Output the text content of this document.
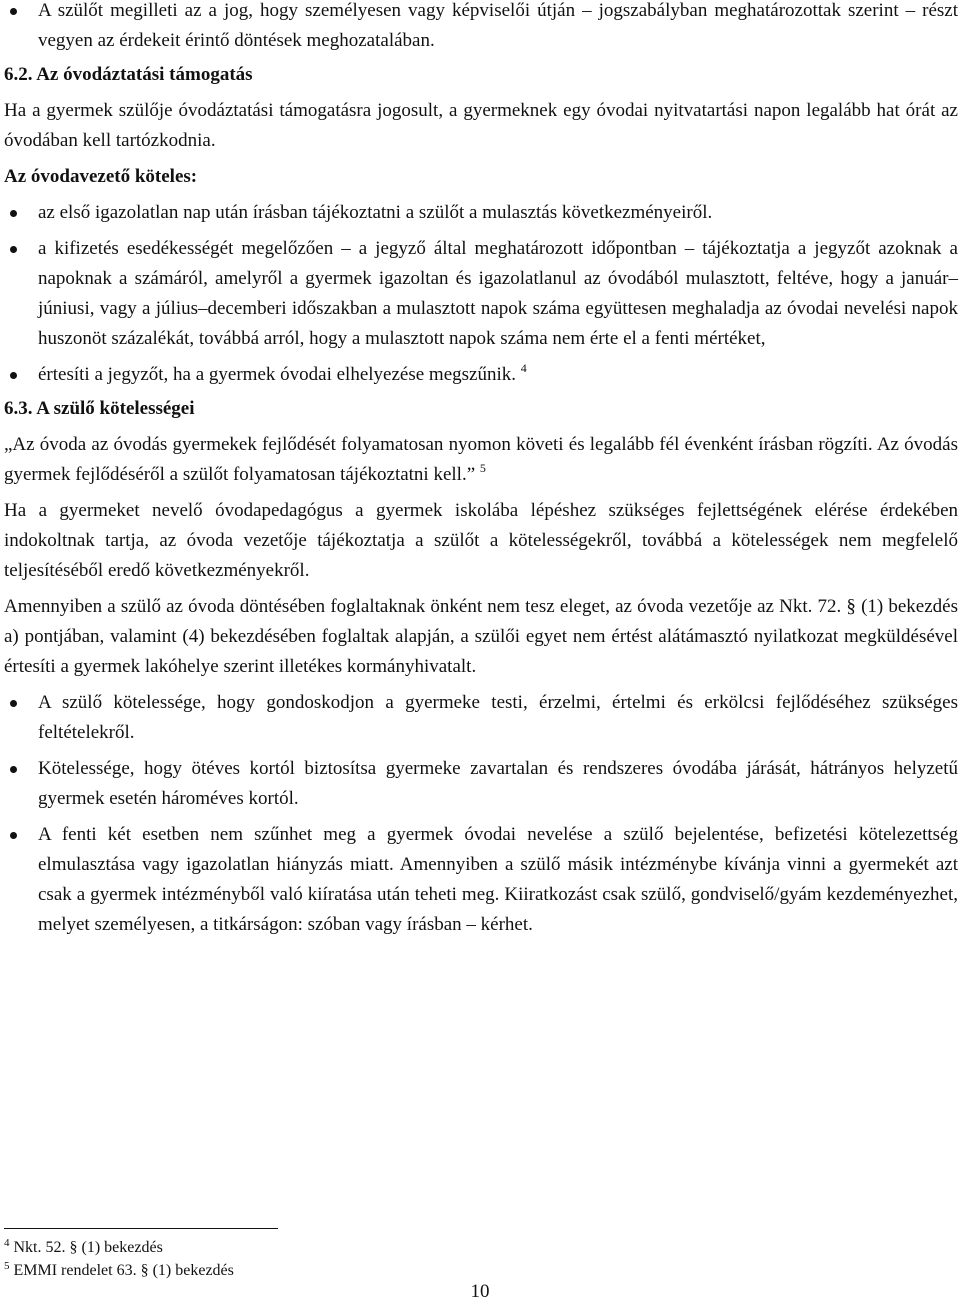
A szülőt megilleti az a jog, hogy személyesen vagy képviselői útján – jogszabályban meghatározottak szerint – részt vegyen az érdekeit érintő döntések meghozatalában.

6.2. Az óvodáztatási támogatás

Ha a gyermek szülője óvodáztatási támogatásra jogosult, a gyermeknek egy óvodai nyitvatartási napon legalább hat órát az óvodában kell tartózkodnia.

Az óvodavezető köteles:

az első igazolatlan nap után írásban tájékoztatni a szülőt a mulasztás következményeiről.
a kifizetés esedékességét megelőzően – a jegyző által meghatározott időpontban – tájékoztatja a jegyzőt azoknak a napoknak a számáról, amelyről a gyermek igazoltan és igazolatlanul az óvodából mulasztott, feltéve, hogy a január–júniusi, vagy a július–decemberi időszakban a mulasztott napok száma együttesen meghaladja az óvodai nevelési napok huszonöt százalékát, továbbá arról, hogy a mulasztott napok száma nem érte el a fenti mértéket,
értesíti a jegyzőt, ha a gyermek óvodai elhelyezése megszűnik. $^4$

6.3. A szülő kötelességei

„Az óvoda az óvodás gyermekek fejlődését folyamatosan nyomon követi és legalább fél évenként írásban rögzíti. Az óvodás gyermek fejlődéséről a szülőt folyamatosan tájékoztatni kell.” $^5$

Ha a gyermeket nevelő óvodapedagógus a gyermek iskolába lépéshez szükséges fejlettségének elérése érdekében indokoltnak tartja, az óvoda vezetője tájékoztatja a szülőt a kötelességekről, továbbá a kötelességek nem megfelelő teljesítéséből eredő következményekről.

Amennyiben a szülő az óvoda döntésében foglaltaknak önként nem tesz eleget, az óvoda vezetője az Nkt. 72. § (1) bekezdés a) pontjában, valamint (4) bekezdésében foglaltak alapján, a szülői egyet nem értést alátámasztó nyilatkozat megküldésével értesíti a gyermek lakóhelye szerint illetékes kormányhivatalt.

A szülő kötelessége, hogy gondoskodjon a gyermeke testi, érzelmi, értelmi és erkölcsi fejlődéséhez szükséges feltételekről.
Kötelessége, hogy ötéves kortól biztosítsa gyermeke zavartalan és rendszeres óvodába járását, hátrányos helyzetű gyermek esetén hároméves kortól.
A fenti két esetben nem szűnhet meg a gyermek óvodai nevelése a szülő bejelentése, befizetési kötelezettség elmulasztása vagy igazolatlan hiányzás miatt. Amennyiben a szülő másik intézménybe kívánja vinni a gyermekét azt csak a gyermek intézményből való kiíratása után teheti meg. Kiiratkozást csak szülő, gondviselő/gyám kezdeményezhet, melyet személyesen, a titkárságon: szóban vagy írásban – kérhet.
$^4$ Nkt. 52. § (1) bekezdés
$^5$ EMMI rendelet 63. § (1) bekezdés
10
